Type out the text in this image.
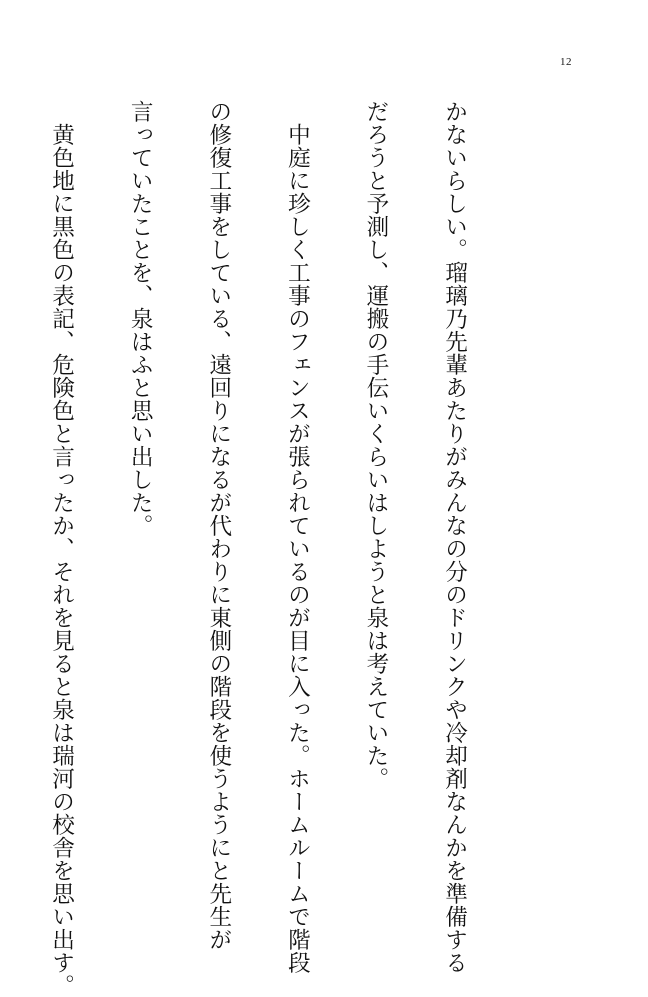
12

かないらしい。瑠璃乃先輩あたりがみんなの分のドリンクや冷却剤なんかを準備する

だろうと予測し、運搬の手伝いくらいはしようと泉は考えていた。

　中庭に珍しく工事のフェンスが張られているのが目に入った。ホームルームで階段

の修復工事をしている、遠回りになるが代わりに東側の階段を使うようにと先生が

言っていたことを、泉はふと思い出した。

　黄色地に黒色の表記、危険色と言ったか、それを見ると泉は瑞河の校舎を思い出す。
